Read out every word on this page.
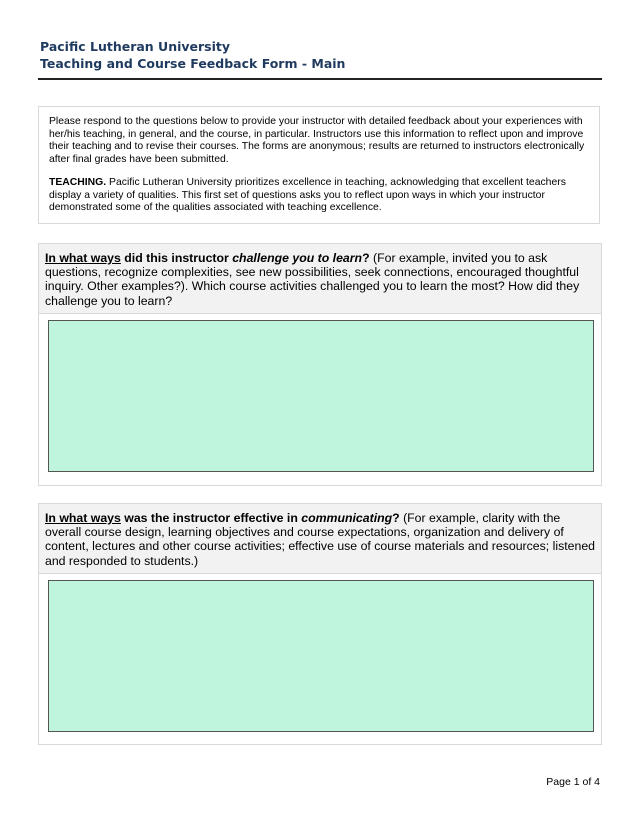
Pacific Lutheran University
Teaching and Course Feedback Form - Main

Please respond to the questions below to provide your instructor with detailed feedback about your experiences with her/his teaching, in general, and the course, in particular. Instructors use this information to reflect upon and improve their teaching and to revise their courses. The forms are anonymous; results are returned to instructors electronically after final grades have been submitted.

TEACHING. Pacific Lutheran University prioritizes excellence in teaching, acknowledging that excellent teachers display a variety of qualities. This first set of questions asks you to reflect upon ways in which your instructor demonstrated some of the qualities associated with teaching excellence.

In what ways did this instructor challenge you to learn? (For example, invited you to ask questions, recognize complexities, see new possibilities, seek connections, encouraged thoughtful inquiry. Other examples?). Which course activities challenged you to learn the most? How did they challenge you to learn?
In what ways was the instructor effective in communicating? (For example, clarity with the overall course design, learning objectives and course expectations, organization and delivery of content, lectures and other course activities; effective use of course materials and resources; listened and responded to students.)
Page 1 of 4
